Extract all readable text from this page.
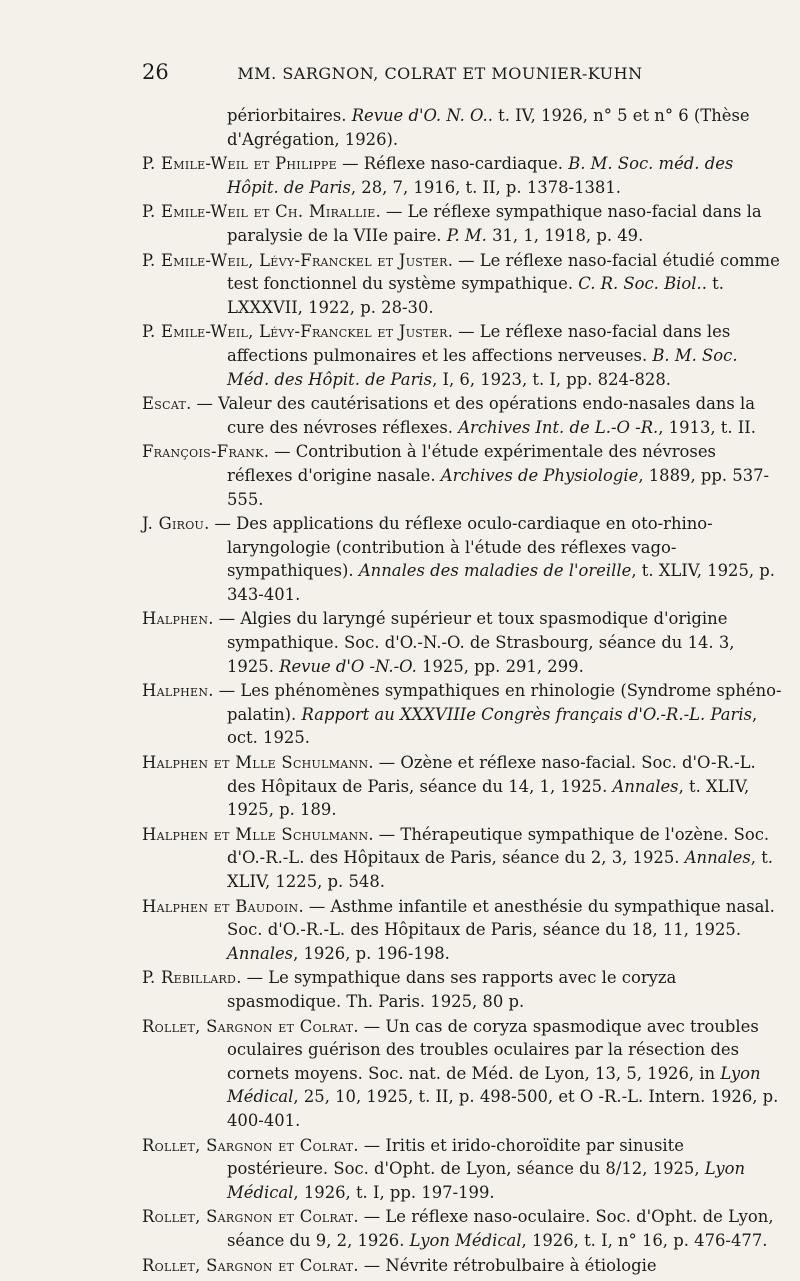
26	MM. SARGNON, COLRAT ET MOUNIER-KUHN

périorbitaires. Revue d'O. N. O.. t. IV, 1926, n° 5 et n° 6 (Thèse d'Agrégation, 1926).

P. Emile-Weil et Philippe — Réflexe naso-cardiaque. B. M. Soc. méd. des Hôpit. de Paris, 28, 7, 1916, t. II, p. 1378-1381.

P. Emile-Weil et Ch. Mirallie. — Le réflexe sympathique naso-facial dans la paralysie de la VIIe paire. P. M. 31, 1, 1918, p. 49.

P. Emile-Weil, Lévy-Franckel et Juster. — Le réflexe naso-facial étudié comme test fonctionnel du système sympathique. C. R. Soc. Biol.. t. LXXXVII, 1922, p. 28-30.

P. Emile-Weil, Lévy-Franckel et Juster. — Le réflexe naso-facial dans les affections pulmonaires et les affections nerveuses. B. M. Soc. Méd. des Hôpit. de Paris, I, 6, 1923, t. I, pp. 824-828.

Escat. — Valeur des cautérisations et des opérations endo-nasales dans la cure des névroses réflexes. Archives Int. de L.-O -R., 1913, t. II.

François-Frank. — Contribution à l'étude expérimentale des névroses réflexes d'origine nasale. Archives de Physiologie, 1889, pp. 537-555.

J. Girou. — Des applications du réflexe oculo-cardiaque en oto-rhino-laryngologie (contribution à l'étude des réflexes vago-sympathiques). Annales des maladies de l'oreille, t. XLIV, 1925, p. 343-401.

Halphen. — Algies du laryngé supérieur et toux spasmodique d'origine sympathique. Soc. d'O.-N.-O. de Strasbourg, séance du 14. 3, 1925. Revue d'O -N.-O. 1925, pp. 291, 299.

Halphen. — Les phénomènes sympathiques en rhinologie (Syndrome sphéno-palatin). Rapport au XXXVIIIe Congrès français d'O.-R.-L. Paris, oct. 1925.

Halphen et Mlle Schulmann. — Ozène et réflexe naso-facial. Soc. d'O-R.-L. des Hôpitaux de Paris, séance du 14, 1, 1925. Annales, t. XLIV, 1925, p. 189.

Halphen et Mlle Schulmann. — Thérapeutique sympathique de l'ozène. Soc. d'O.-R.-L. des Hôpitaux de Paris, séance du 2, 3, 1925. Annales, t. XLIV, 1225, p. 548.

Halphen et Baudoin. — Asthme infantile et anesthésie du sympathique nasal. Soc. d'O.-R.-L. des Hôpitaux de Paris, séance du 18, 11, 1925. Annales, 1926, p. 196-198.

P. Rebillard. — Le sympathique dans ses rapports avec le coryza spasmodique. Th. Paris. 1925, 80 p.

Rollet, Sargnon et Colrat. — Un cas de coryza spasmodique avec troubles oculaires guérison des troubles oculaires par la résection des cornets moyens. Soc. nat. de Méd. de Lyon, 13, 5, 1926, in Lyon Médical, 25, 10, 1925, t. II, p. 498-500, et O -R.-L. Intern. 1926, p. 400-401.

Rollet, Sargnon et Colrat. — Iritis et irido-choroïdite par sinusite postérieure. Soc. d'Opht. de Lyon, séance du 8/12, 1925, Lyon Médical, 1926, t. I, pp. 197-199.

Rollet, Sargnon et Colrat. — Le réflexe naso-oculaire. Soc. d'Opht. de Lyon, séance du 9, 2, 1926. Lyon Médical, 1926, t. I, n° 16, p. 476-477.

Rollet, Sargnon et Colrat. — Névrite rétrobulbaire à étiologie
